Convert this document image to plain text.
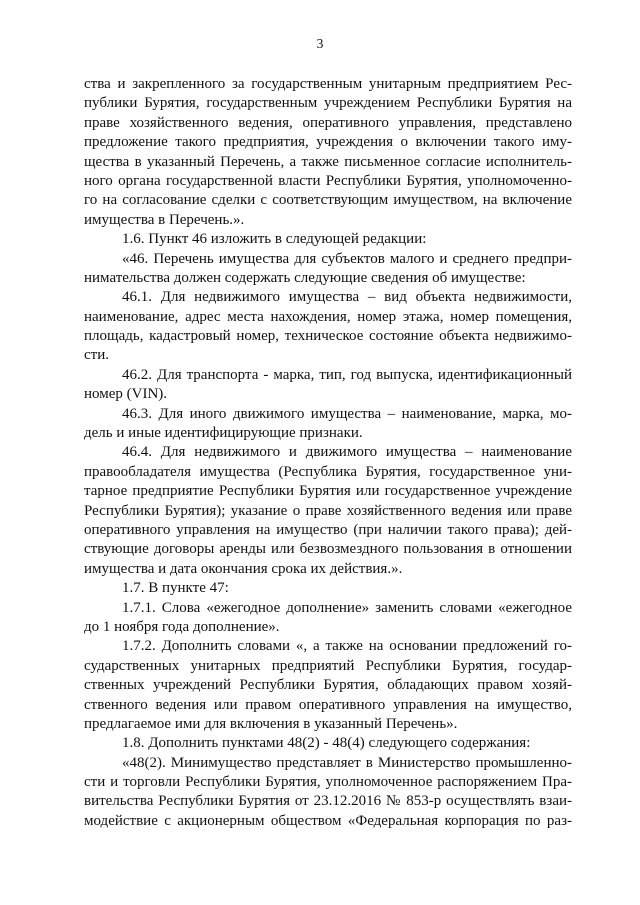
3
ства и закрепленного за государственным унитарным предприятием Рес-
публики Бурятия, государственным учреждением Республики Бурятия на
праве хозяйственного ведения, оперативного управления, представлено
предложение такого предприятия, учреждения о включении такого иму-
щества в указанный Перечень, а также письменное согласие исполнитель-
ного органа государственной власти Республики Бурятия, уполномоченно-
го на согласование сделки с соответствующим имуществом, на включение
имущества в Перечень.».
1.6. Пункт 46 изложить в следующей редакции:
«46. Перечень имущества для субъектов малого и среднего предпри-
нимательства должен содержать следующие сведения об имуществе:
46.1. Для недвижимого имущества – вид объекта недвижимости,
наименование, адрес места нахождения, номер этажа, номер помещения,
площадь, кадастровый номер, техническое состояние объекта недвижимо-
сти.
46.2. Для транспорта - марка, тип, год выпуска, идентификационный
номер (VIN).
46.3. Для иного движимого имущества – наименование, марка, мо-
дель и иные идентифицирующие признаки.
46.4. Для недвижимого и движимого имущества – наименование
правообладателя имущества (Республика Бурятия, государственное уни-
тарное предприятие Республики Бурятия или государственное учреждение
Республики Бурятия); указание о праве хозяйственного ведения или праве
оперативного управления на имущество (при наличии такого права); дей-
ствующие договоры аренды или безвозмездного пользования в отношении
имущества и дата окончания срока их действия.».
1.7. В пункте 47:
1.7.1. Слова «ежегодное дополнение» заменить словами «ежегодное
до 1 ноября года дополнение».
1.7.2. Дополнить словами «, а также на основании предложений го-
сударственных унитарных предприятий Республики Бурятия, государ-
ственных учреждений Республики Бурятия, обладающих правом хозяй-
ственного ведения или правом оперативного управления на имущество,
предлагаемое ими для включения в указанный Перечень».
1.8. Дополнить пунктами 48(2) - 48(4) следующего содержания:
«48(2). Минимущество представляет в Министерство промышленно-
сти и торговли Республики Бурятия, уполномоченное распоряжением Пра-
вительства Республики Бурятия от 23.12.2016 № 853-р осуществлять взаи-
модействие с акционерным обществом «Федеральная корпорация по раз-
